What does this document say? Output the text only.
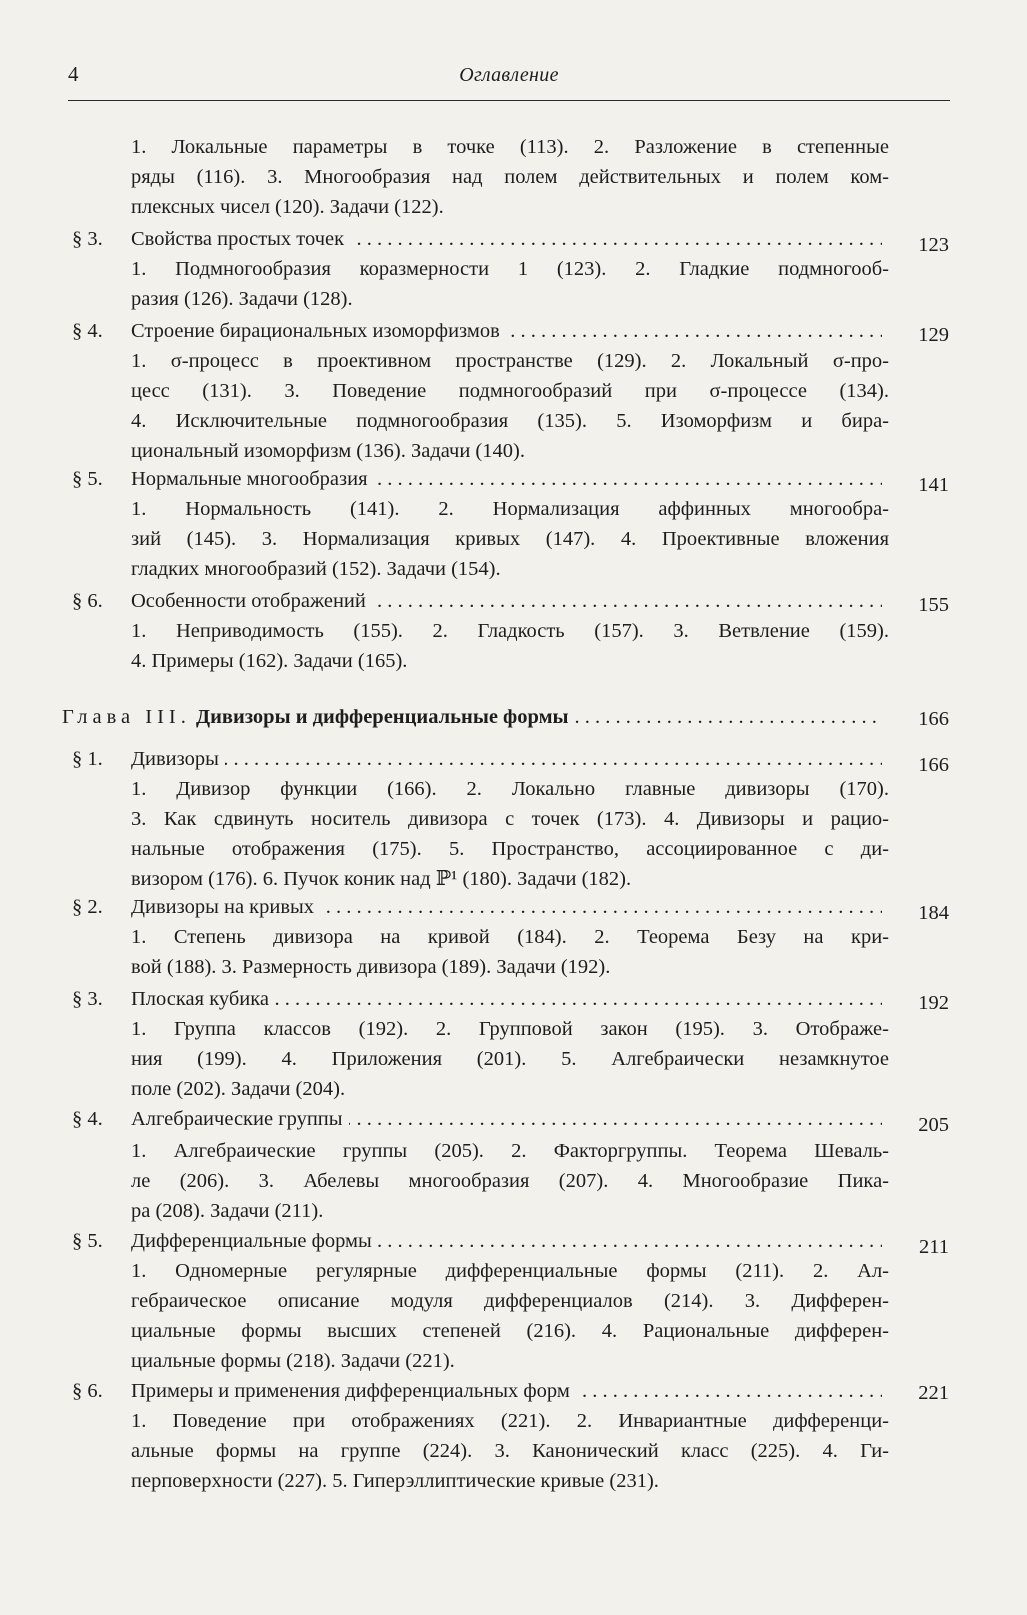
4	Оглавление
1. Локальные параметры в точке (113). 2. Разложение в степенные
ряды (116). 3. Многообразия над полем действительных и полем ком-
плексных чисел (120). Задачи (122).
§ 3. Свойства простых точек . . .	123
1. Подмногообразия коразмерности 1 (123). 2. Гладкие подмногооб-
разия (126). Задачи (128).
§ 4. Строение бирациональных изоморфизмов . . .	129
1. σ-процесс в проективном пространстве (129). 2. Локальный σ-про-
цесс (131). 3. Поведение подмногообразий при σ-процессе (134).
4. Исключительные подмногообразия (135). 5. Изоморфизм и бира-
циональный изоморфизм (136). Задачи (140).
§ 5. Нормальные многообразия . . .	141
1. Нормальность (141). 2. Нормализация аффинных многообра-
зий (145). 3. Нормализация кривых (147). 4. Проективные вложения
гладких многообразий (152). Задачи (154).
§ 6. Особенности отображений . . .	155
1. Неприводимость (155). 2. Гладкость (157). 3. Ветвление (159).
4. Примеры (162). Задачи (165).
Глава III. Дивизоры и дифференциальные формы . . .	166
§ 1. Дивизоры . . .	166
1. Дивизор функции (166). 2. Локально главные дивизоры (170).
3. Как сдвинуть носитель дивизора с точек (173). 4. Дивизоры и рацио-
нальные отображения (175). 5. Пространство, ассоциированное с ди-
визором (176). 6. Пучок коник над ℙ¹ (180). Задачи (182).
§ 2. Дивизоры на кривых . . .	184
1. Степень дивизора на кривой (184). 2. Теорема Безу на кри-
вой (188). 3. Размерность дивизора (189). Задачи (192).
§ 3. Плоская кубика . . .	192
1. Группа классов (192). 2. Групповой закон (195). 3. Отображе-
ния (199). 4. Приложения (201). 5. Алгебраически незамкнутое
поле (202). Задачи (204).
§ 4. Алгебраические группы . . .	205
1. Алгебраические группы (205). 2. Факторгруппы. Теорема Шеваль-
ле (206). 3. Абелевы многообразия (207). 4. Многообразие Пика-
ра (208). Задачи (211).
§ 5. Дифференциальные формы . . .	211
1. Одномерные регулярные дифференциальные формы (211). 2. Ал-
гебраическое описание модуля дифференциалов (214). 3. Дифферен-
циальные формы высших степеней (216). 4. Рациональные дифферен-
циальные формы (218). Задачи (221).
§ 6. Примеры и применения дифференциальных форм . . .	221
1. Поведение при отображениях (221). 2. Инвариантные дифференци-
альные формы на группе (224). 3. Канонический класс (225). 4. Ги-
перповерхности (227). 5. Гиперэллиптические кривые (231).
